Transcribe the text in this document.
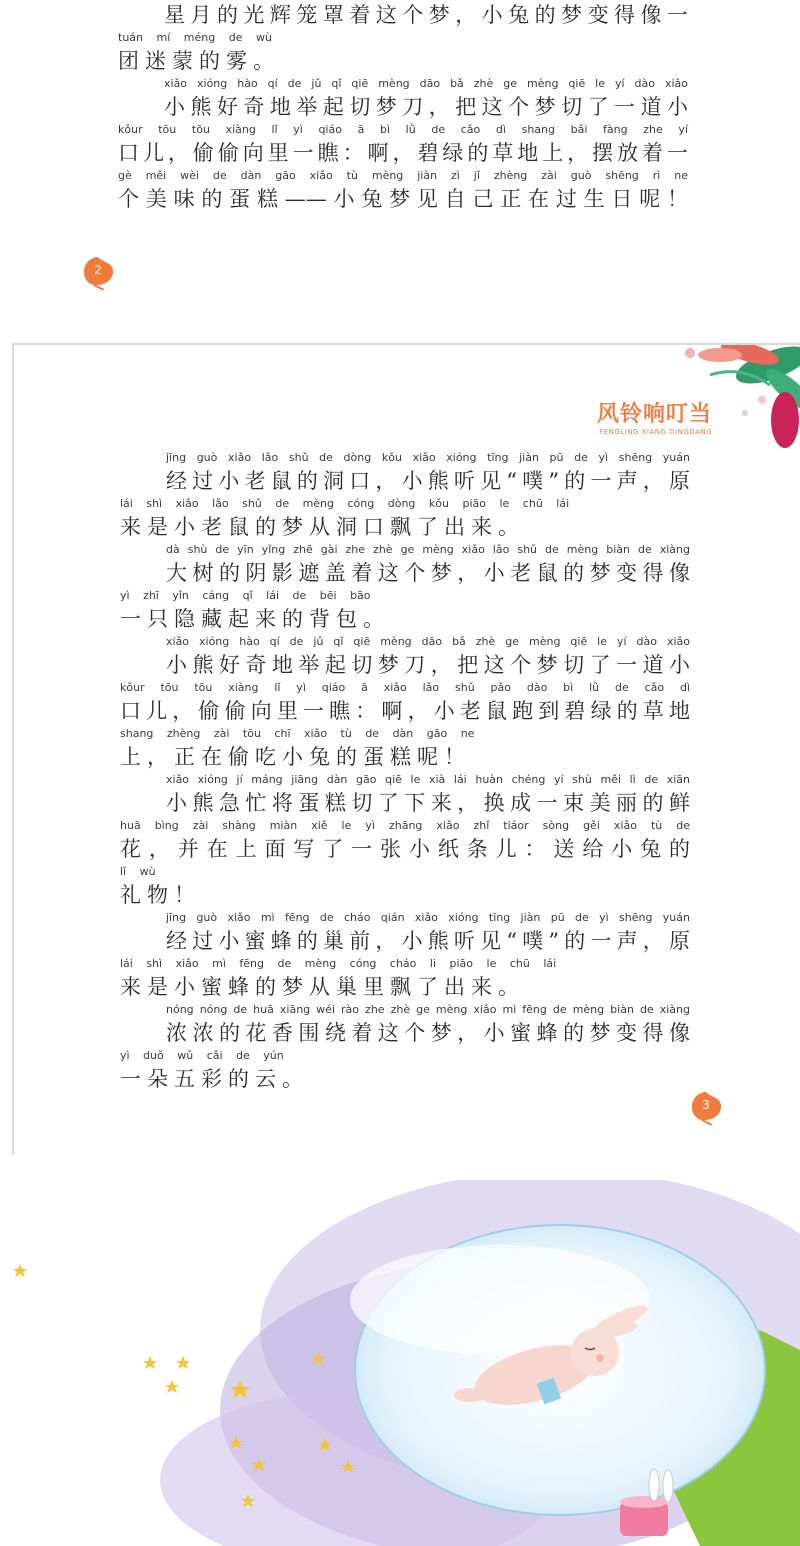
星月的光辉笼罩着这个梦，小兔的梦变得像一
tuán mí méng de wù
团迷蒙的雾。
xiǎo xióng hào qí de jǔ qǐ qiē mèng dāo bǎ zhè ge mèng qiē le yí dào xiǎo
小熊好奇地举起切梦刀，把这个梦切了一道小
kǒur tōu tōu xiàng lǐ yì qiáo ā bì lǜ de cǎo dì shang bǎi fàng zhe yí
口儿，偷偷向里一瞧：啊，碧绿的草地上，摆放着一
gè měi wèi de dàn gāo xiǎo tù mèng jiàn zì jǐ zhèng zài guò shēng rì ne
个美味的蛋糕——小兔梦见自己正在过生日呢！
2
风铃响叮当
FENGLING XIANG DINGDANG
jīng guò xiǎo lǎo shǔ de dòng kǒu xiǎo xióng tīng jiàn pū de yì shēng yuán
经过小老鼠的洞口，小熊听见“噗”的一声，原
lái shì xiǎo lǎo shǔ de mèng cóng dòng kǒu piāo le chū lái
来是小老鼠的梦从洞口飘了出来。
dà shù de yīn yǐng zhē gài zhe zhè ge mèng xiǎo lǎo shǔ de mèng biàn de xiàng
大树的阴影遮盖着这个梦，小老鼠的梦变得像
yì zhī yǐn cáng qǐ lái de bēi bāo
一只隐藏起来的背包。
xiǎo xióng hào qí de jǔ qǐ qiē mèng dāo bǎ zhè ge mèng qiē le yí dào xiǎo
小熊好奇地举起切梦刀，把这个梦切了一道小
kǒur tōu tōu xiàng lǐ yì qiáo ā xiǎo lǎo shǔ pǎo dào bì lǜ de cǎo dì
口儿，偷偷向里一瞧：啊，小老鼠跑到碧绿的草地
shang zhèng zài tōu chī xiǎo tù de dàn gāo ne
上，正在偷吃小兔的蛋糕呢！
xiǎo xióng jí máng jiāng dàn gāo qiē le xià lái huàn chéng yí shù měi lì de xiān
小熊急忙将蛋糕切了下来，换成一束美丽的鲜
huā bìng zài shàng miàn xiě le yì zhāng xiǎo zhǐ tiáor sòng gěi xiǎo tù de
花，并在上面写了一张小纸条儿：送给小兔的
lǐ wù
礼物！
jīng guò xiǎo mì fēng de cháo qián xiǎo xióng tīng jiàn pū de yì shēng yuán
经过小蜜蜂的巢前，小熊听见“噗”的一声，原
lái shì xiǎo mì fēng de mèng cóng cháo li piāo le chū lái
来是小蜜蜂的梦从巢里飘了出来。
nóng nóng de huā xiāng wéi rào zhe zhè ge mèng xiǎo mì fēng de mèng biàn de xiàng
浓浓的花香围绕着这个梦，小蜜蜂的梦变得像
yì duǒ wǔ cǎi de yún
一朵五彩的云。
3
